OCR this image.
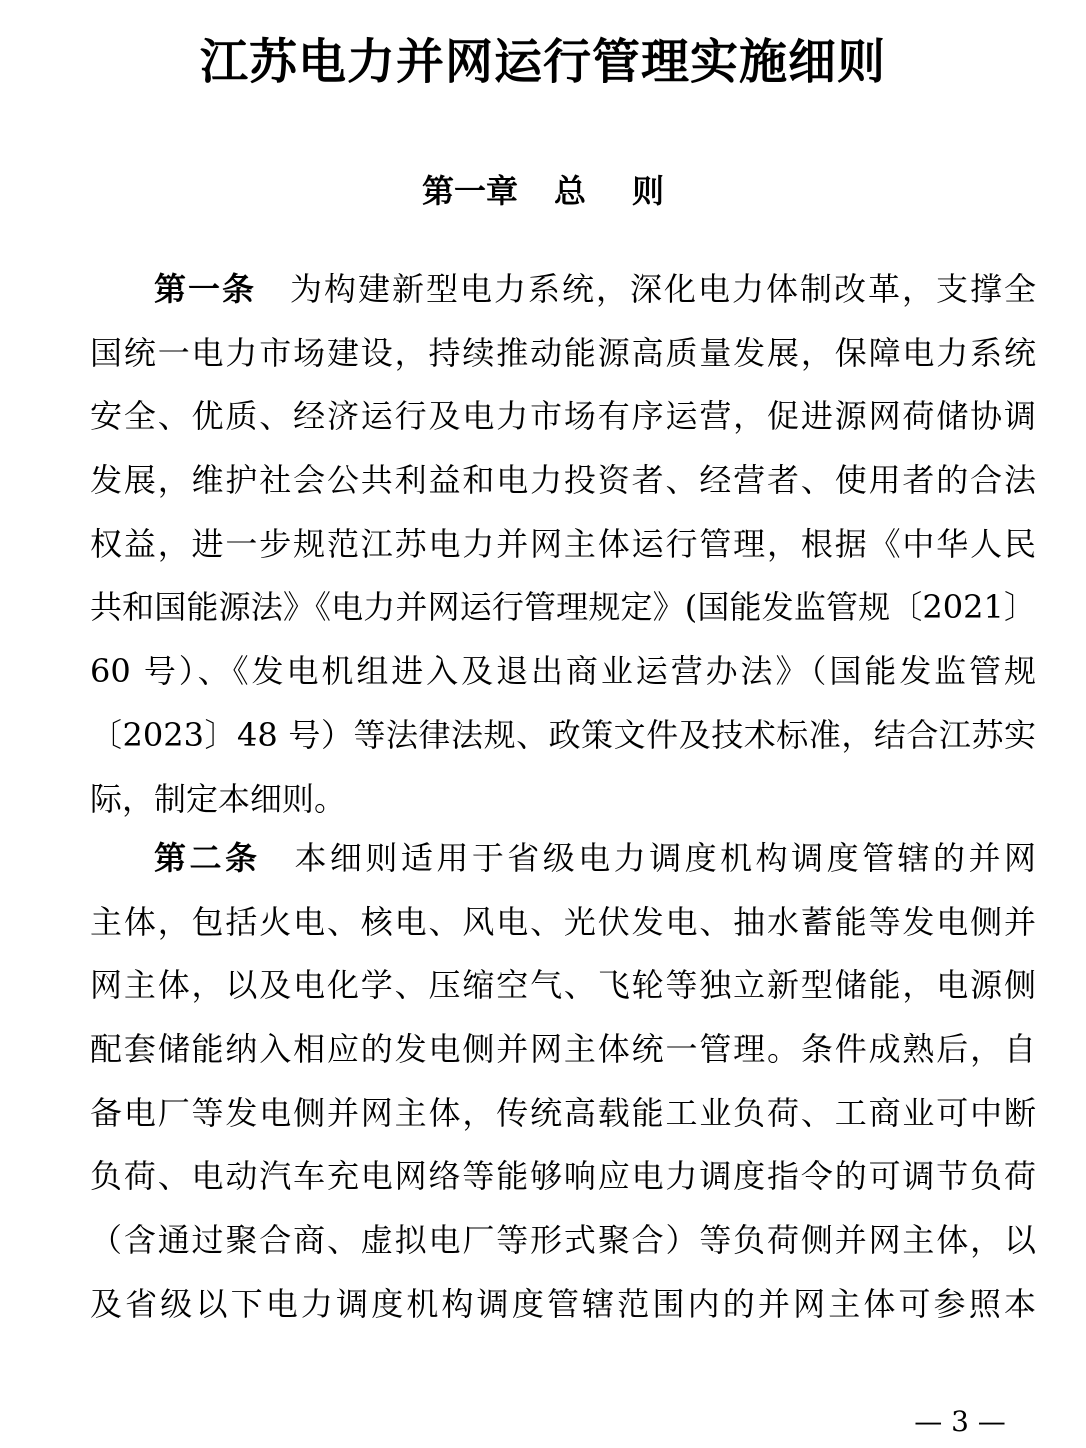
江苏电力并网运行管理实施细则
第一章 总 则
第一条 为构建新型电力系统，深化电力体制改革，支撑全
国统一电力市场建设，持续推动能源高质量发展，保障电力系统
安全、优质、经济运行及电力市场有序运营，促进源网荷储协调
发展，维护社会公共利益和电力投资者、经营者、使用者的合法
权益，进一步规范江苏电力并网主体运行管理，根据《中华人民
共和国能源法》《电力并网运行管理规定》(国能发监管规〔2021〕
60 号）、《发电机组进入及退出商业运营办法》（国能发监管规
〔2023〕48 号）等法律法规、政策文件及技术标准，结合江苏实
际，制定本细则。
第二条 本细则适用于省级电力调度机构调度管辖的并网
主体，包括火电、核电、风电、光伏发电、抽水蓄能等发电侧并
网主体，以及电化学、压缩空气、飞轮等独立新型储能，电源侧
配套储能纳入相应的发电侧并网主体统一管理。条件成熟后，自
备电厂等发电侧并网主体，传统高载能工业负荷、工商业可中断
负荷、电动汽车充电网络等能够响应电力调度指令的可调节负荷
（含通过聚合商、虚拟电厂等形式聚合）等负荷侧并网主体，以
及省级以下电力调度机构调度管辖范围内的并网主体可参照本
— 3 —
